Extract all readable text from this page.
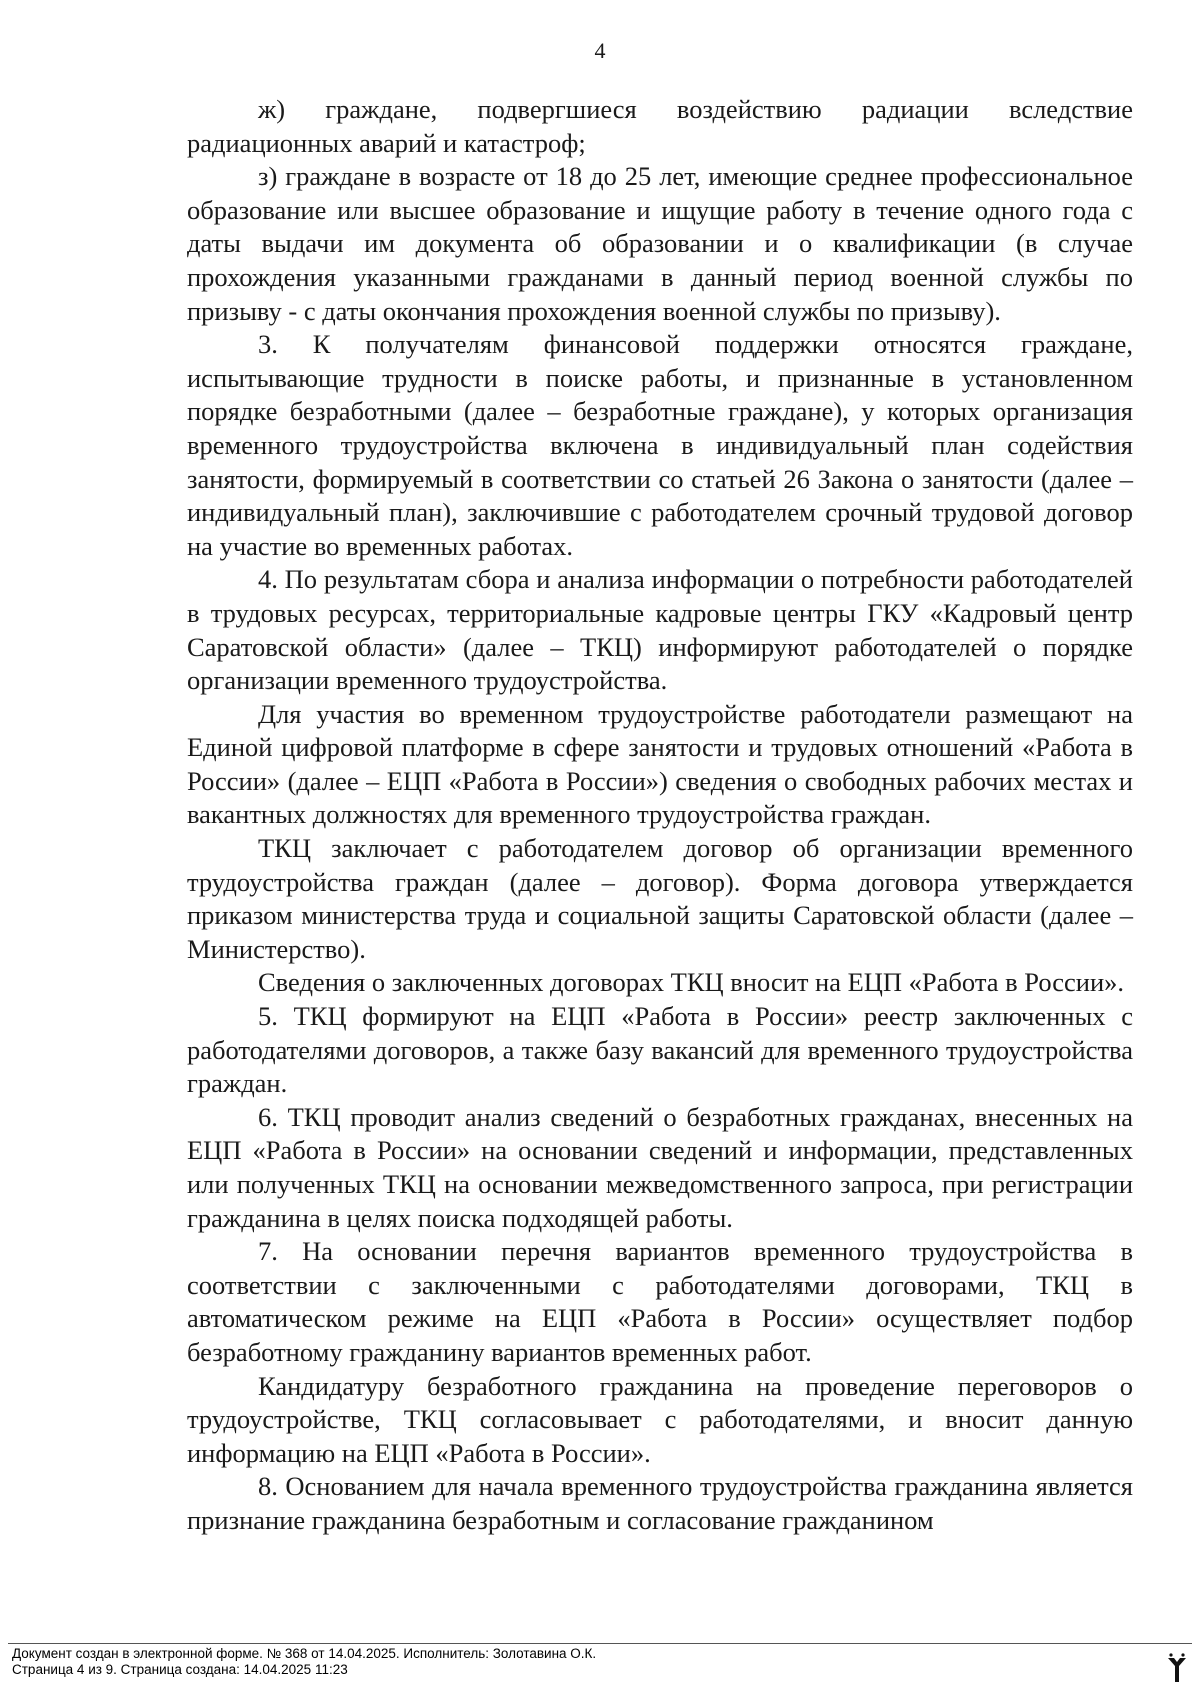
4

ж) граждане, подвергшиеся воздействию радиации вследствие радиационных аварий и катастроф;

з) граждане в возрасте от 18 до 25 лет, имеющие среднее профессиональное образование или высшее образование и ищущие работу в течение одного года с даты выдачи им документа об образовании и о квалификации (в случае прохождения указанными гражданами в данный период военной службы по призыву - с даты окончания прохождения военной службы по призыву).

3. К получателям финансовой поддержки относятся граждане, испытывающие трудности в поиске работы, и признанные в установленном порядке безработными (далее – безработные граждане), у которых организация временного трудоустройства включена в индивидуальный план содействия занятости, формируемый в соответствии со статьей 26 Закона о занятости (далее – индивидуальный план), заключившие с работодателем срочный трудовой договор на участие во временных работах.

4. По результатам сбора и анализа информации о потребности работодателей в трудовых ресурсах, территориальные кадровые центры ГКУ «Кадровый центр Саратовской области» (далее – ТКЦ) информируют работодателей о порядке организации временного трудоустройства.

Для участия во временном трудоустройстве работодатели размещают на Единой цифровой платформе в сфере занятости и трудовых отношений «Работа в России» (далее – ЕЦП «Работа в России») сведения о свободных рабочих местах и вакантных должностях для временного трудоустройства граждан.

ТКЦ заключает с работодателем договор об организации временного трудоустройства граждан (далее – договор). Форма договора утверждается приказом министерства труда и социальной защиты Саратовской области (далее – Министерство).

Сведения о заключенных договорах ТКЦ вносит на ЕЦП «Работа в России».

5. ТКЦ формируют на ЕЦП «Работа в России» реестр заключенных с работодателями договоров, а также базу вакансий для временного трудоустройства граждан.

6. ТКЦ проводит анализ сведений о безработных гражданах, внесенных на ЕЦП «Работа в России» на основании сведений и информации, представленных или полученных ТКЦ на основании межведомственного запроса, при регистрации гражданина в целях поиска подходящей работы.

7. На основании перечня вариантов временного трудоустройства в соответствии с заключенными с работодателями договорами, ТКЦ в автоматическом режиме на ЕЦП «Работа в России» осуществляет подбор безработному гражданину вариантов временных работ.

Кандидатуру безработного гражданина на проведение переговоров о трудоустройстве, ТКЦ согласовывает с работодателями, и вносит данную информацию на ЕЦП «Работа в России».

8. Основанием для начала временного трудоустройства гражданина является признание гражданина безработным и согласование гражданином

Документ создан в электронной форме. № 368 от 14.04.2025. Исполнитель: Золотавина О.К.
Страница 4 из 9. Страница создана: 14.04.2025 11:23
